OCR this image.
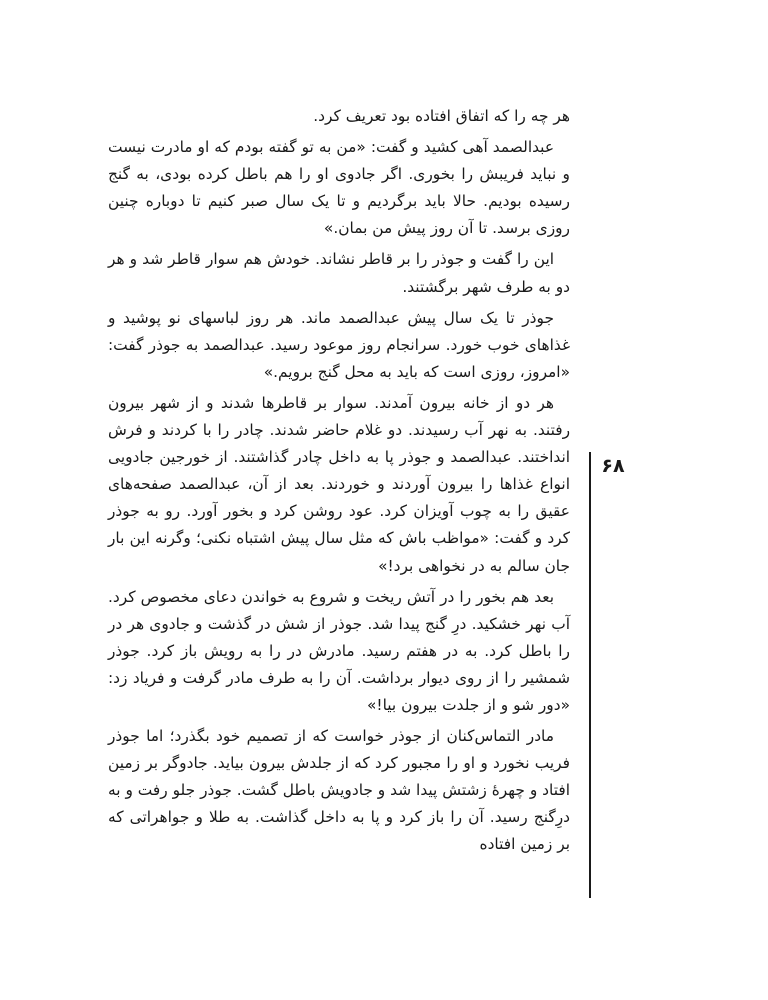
هر چه را که اتفاق افتاده بود تعریف کرد.

عبدالصمد آهی کشید و گفت: «من به تو گفته بودم که او مادرت نیست و نباید فریبش را بخوری. اگر جادوی او را هم باطل کرده بودی، به گنج رسیده بودیم. حالا باید برگردیم و تا یک سال صبر کنیم تا دوباره چنین روزی برسد. تا آن روز پیش من بمان.»

این را گفت و جوذر را بر قاطر نشاند. خودش هم سوار قاطر شد و هر دو به طرف شهر برگشتند.

جوذر تا یک سال پیش عبدالصمد ماند. هر روز لباسهای نو پوشید و غذاهای خوب خورد. سرانجام روز موعود رسید. عبدالصمد به جوذر گفت: «امروز، روزی است که باید به محل گنج برویم.»

هر دو از خانه بیرون آمدند. سوار بر قاطرها شدند و از شهر بیرون رفتند. به نهر آب رسیدند. دو غلام حاضر شدند. چادر را با کردند و فرش انداختند. عبدالصمد و جوذر پا به داخل چادر گذاشتند. از خورجین جادویی انواع غذاها را بیرون آوردند و خوردند. بعد از آن، عبدالصمد صفحه‌های عقیق را به چوب آویزان کرد. عود روشن کرد و بخور آورد. رو به جوذر کرد و گفت: «مواظب باش که مثل سال پیش اشتباه نکنی؛ وگرنه این بار جان سالم به در نخواهی برد!»

بعد هم بخور را در آتش ریخت و شروع به خواندن دعای مخصوص کرد. آب نهر خشکید. درِ گنج پیدا شد. جوذر از شش در گذشت و جادوی هر در را باطل کرد. به در هفتم رسید. مادرش در را به رویش باز کرد. جوذر شمشیر را از روی دیوار برداشت. آن را به طرف مادر گرفت و فریاد زد: «دور شو و از جلدت بیرون بیا!»

مادر التماس‌کنان از جوذر خواست که از تصمیم خود بگذرد؛ اما جوذر فریب نخورد و او را مجبور کرد که از جلدش بیرون بیاید. جادوگر بر زمین افتاد و چهرهٔ زشتش پیدا شد و جادویش باطل گشت. جوذر جلو رفت و به درِگنج رسید. آن را باز کرد و پا به داخل گذاشت. به طلا و جواهراتی که بر زمین افتاده

۶۸
